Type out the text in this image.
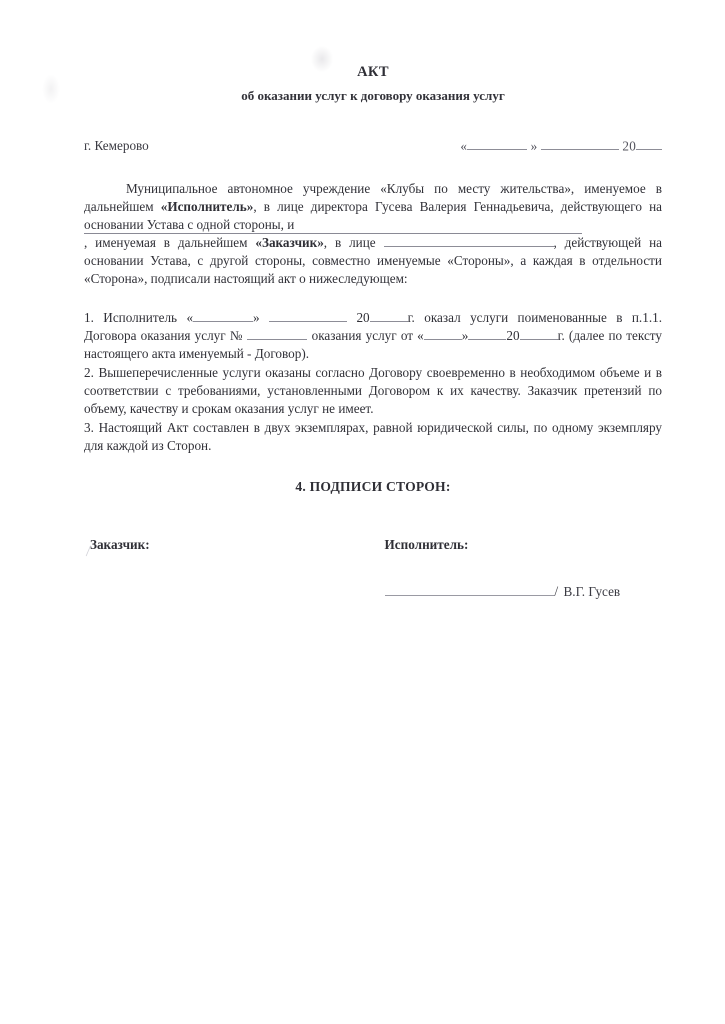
АКТ
об оказании услуг к договору оказания услуг
г. Кемерово	«	»	20

Муниципальное автономное учреждение «Клубы по месту жительства», именуемое в дальнейшем «Исполнитель», в лице директора Гусева Валерия Геннадьевича, действующего на основании Устава с одной стороны, и
, именуемая в дальнейшем «Заказчик», в лице	, действующей на основании Устава, с другой стороны, совместно именуемые «Стороны», а каждая в отдельности «Сторона», подписали настоящий акт о нижеследующем:

1. Исполнитель «	»	20	г. оказал услуги поименованные в п.1.1. Договора оказания услуг №	оказания услуг от «	»	20	г. (далее по тексту настоящего акта именуемый - Договор).

2. Вышеперечисленные услуги оказаны согласно Договору своевременно в необходимом объеме и в соответствии с требованиями, установленными Договором к их качеству. Заказчик претензий по объему, качеству и срокам оказания услуг не имеет.

3. Настоящий Акт составлен в двух экземплярах, равной юридической силы, по одному экземпляру для каждой из Сторон.

4. ПОДПИСИ СТОРОН:
Заказчик:	Исполнитель:
/ В.Г. Гусев
/
